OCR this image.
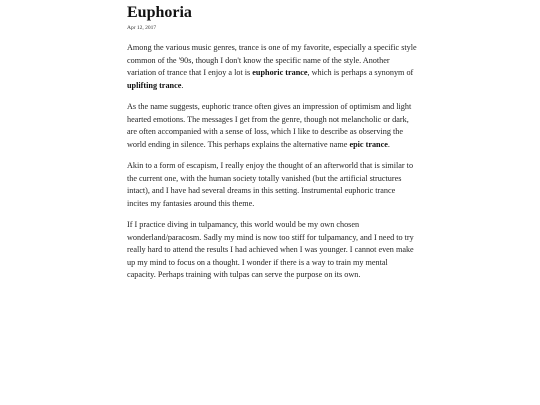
Euphoria
Apr 12, 2017

Among the various music genres, trance is one of my favorite, especially a specific style common of the '90s, though I don't know the specific name of the style. Another variation of trance that I enjoy a lot is euphoric trance, which is perhaps a synonym of uplifting trance.

As the name suggests, euphoric trance often gives an impression of optimism and light hearted emotions. The messages I get from the genre, though not melancholic or dark, are often accompanied with a sense of loss, which I like to describe as observing the world ending in silence. This perhaps explains the alternative name epic trance.

Akin to a form of escapism, I really enjoy the thought of an afterworld that is similar to the current one, with the human society totally vanished (but the artificial structures intact), and I have had several dreams in this setting. Instrumental euphoric trance incites my fantasies around this theme.

If I practice diving in tulpamancy, this world would be my own chosen wonderland/paracosm. Sadly my mind is now too stiff for tulpamancy, and I need to try really hard to attend the results I had achieved when I was younger. I cannot even make up my mind to focus on a thought. I wonder if there is a way to train my mental capacity. Perhaps training with tulpas can serve the purpose on its own.
